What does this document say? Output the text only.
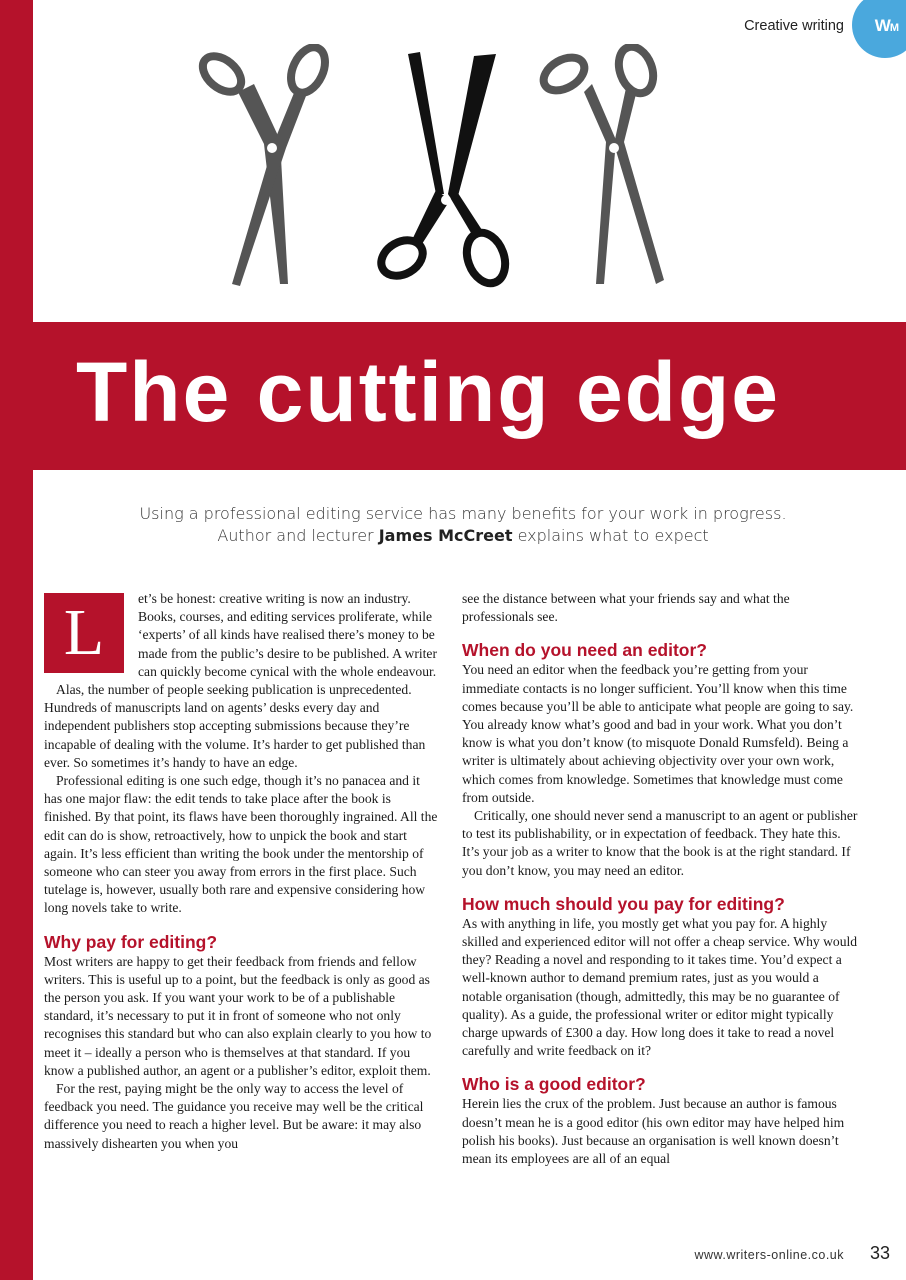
Creative writing WM
The cutting edge
Using a professional editing service has many benefits for your work in progress.
Author and lecturer James McCreet explains what to expect
L	et’s be honest: creative writing is now an industry. Books, courses, and editing services proliferate, while ‘experts’ of all kinds have realised there’s money to be made from the public’s desire to be published. A writer can quickly become cynical with the whole endeavour.

Alas, the number of people seeking publication is unprecedented. Hundreds of manuscripts land on agents’ desks every day and independent publishers stop accepting submissions because they’re incapable of dealing with the volume. It’s harder to get published than ever. So sometimes it’s handy to have an edge.

Professional editing is one such edge, though it’s no panacea and it has one major flaw: the edit tends to take place after the book is finished. By that point, its flaws have been thoroughly ingrained. All the edit can do is show, retroactively, how to unpick the book and start again. It’s less efficient than writing the book under the mentorship of someone who can steer you away from errors in the first place. Such tutelage is, however, usually both rare and expensive considering how long novels take to write.

Why pay for editing?

Most writers are happy to get their feedback from friends and fellow writers. This is useful up to a point, but the feedback is only as good as the person you ask. If you want your work to be of a publishable standard, it’s necessary to put it in front of someone who not only recognises this standard but who can also explain clearly to you how to meet it – ideally a person who is themselves at that standard. If you know a published author, an agent or a publisher’s editor, exploit them.

For the rest, paying might be the only way to access the level of feedback you need. The guidance you receive may well be the critical difference you need to reach a higher level. But be aware: it may also massively dishearten you when you

see the distance between what your friends say and what the professionals see.

When do you need an editor?

You need an editor when the feedback you’re getting from your immediate contacts is no longer sufficient. You’ll know when this time comes because you’ll be able to anticipate what people are going to say. You already know what’s good and bad in your work. What you don’t know is what you don’t know (to misquote Donald Rumsfeld). Being a writer is ultimately about achieving objectivity over your own work, which comes from knowledge. Sometimes that knowledge must come from outside.

Critically, one should never send a manuscript to an agent or publisher to test its publishability, or in expectation of feedback. They hate this. It’s your job as a writer to know that the book is at the right standard. If you don’t know, you may need an editor.

How much should you pay for editing?

As with anything in life, you mostly get what you pay for. A highly skilled and experienced editor will not offer a cheap service. Why would they? Reading a novel and responding to it takes time. You’d expect a well-known author to demand premium rates, just as you would a notable organisation (though, admittedly, this may be no guarantee of quality). As a guide, the professional writer or editor might typically charge upwards of £300 a day. How long does it take to read a novel carefully and write feedback on it?

Who is a good editor?

Herein lies the crux of the problem. Just because an author is famous doesn’t mean he is a good editor (his own editor may have helped him polish his books). Just because an organisation is well known doesn’t mean its employees are all of an equal

www.writers-online.co.uk 33
